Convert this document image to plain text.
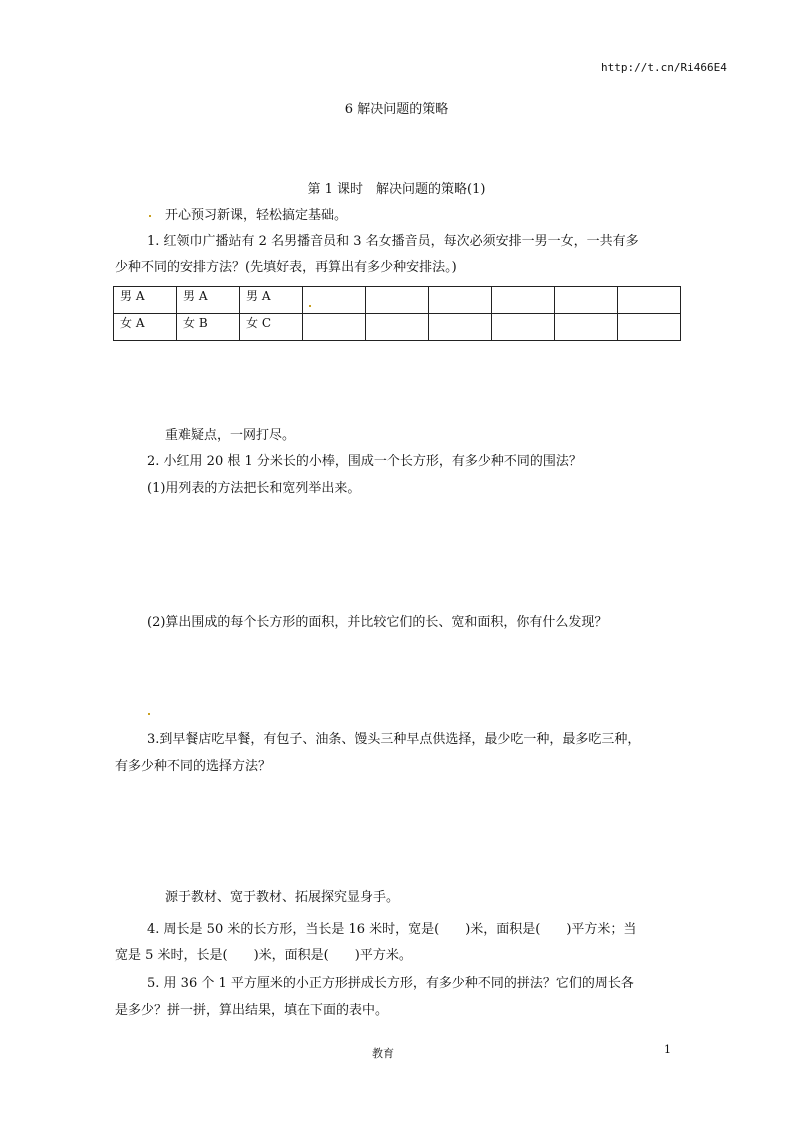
http://t.cn/Ri466E4
6 解决问题的策略
第 1 课时　解决问题的策略(1)
开心预习新课，轻松搞定基础。
1. 红领巾广播站有 2 名男播音员和 3 名女播音员，每次必须安排一男一女，一共有多
少种不同的安排方法？(先填好表，再算出有多少种安排法。)
男 A	男 A	男 A						
女 A	女 B	女 C						
重难疑点，一网打尽。
2. 小红用 20 根 1 分米长的小棒，围成一个长方形，有多少种不同的围法？
(1)用列表的方法把长和宽列举出来。
(2)算出围成的每个长方形的面积，并比较它们的长、宽和面积，你有什么发现？
3.到早餐店吃早餐，有包子、油条、馒头三种早点供选择，最少吃一种，最多吃三种，
有多少种不同的选择方法？
源于教材、宽于教材、拓展探究显身手。
4. 周长是 50 米的长方形，当长是 16 米时，宽是(　　)米，面积是(　　)平方米；当
宽是 5 米时，长是(　　)米，面积是(　　)平方米。
5. 用 36 个 1 平方厘米的小正方形拼成长方形，有多少种不同的拼法？它们的周长各
是多少？拼一拼，算出结果，填在下面的表中。
教育	1
